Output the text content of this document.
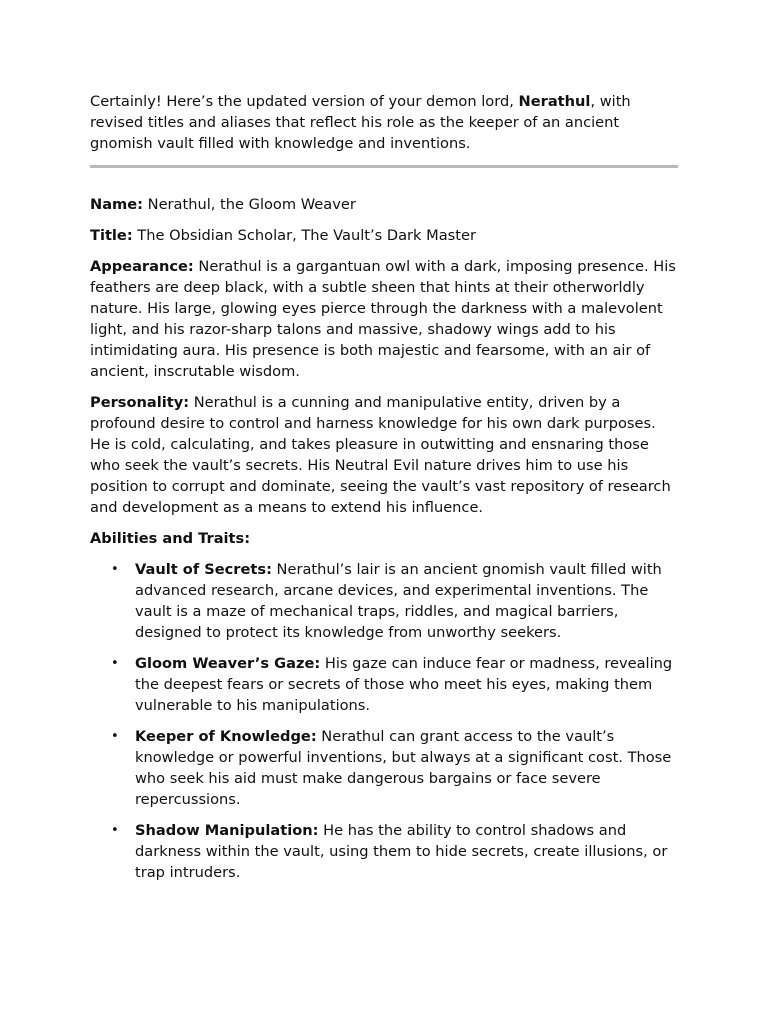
Certainly! Here’s the updated version of your demon lord, Nerathul, with revised titles and aliases that reflect his role as the keeper of an ancient gnomish vault filled with knowledge and inventions.

Name: Nerathul, the Gloom Weaver

Title: The Obsidian Scholar, The Vault’s Dark Master

Appearance: Nerathul is a gargantuan owl with a dark, imposing presence. His feathers are deep black, with a subtle sheen that hints at their otherworldly nature. His large, glowing eyes pierce through the darkness with a malevolent light, and his razor-sharp talons and massive, shadowy wings add to his intimidating aura. His presence is both majestic and fearsome, with an air of ancient, inscrutable wisdom.

Personality: Nerathul is a cunning and manipulative entity, driven by a profound desire to control and harness knowledge for his own dark purposes. He is cold, calculating, and takes pleasure in outwitting and ensnaring those who seek the vault’s secrets. His Neutral Evil nature drives him to use his position to corrupt and dominate, seeing the vault’s vast repository of research and development as a means to extend his influence.

Abilities and Traits:

• Vault of Secrets: Nerathul’s lair is an ancient gnomish vault filled with advanced research, arcane devices, and experimental inventions. The vault is a maze of mechanical traps, riddles, and magical barriers, designed to protect its knowledge from unworthy seekers.
• Gloom Weaver’s Gaze: His gaze can induce fear or madness, revealing the deepest fears or secrets of those who meet his eyes, making them vulnerable to his manipulations.
• Keeper of Knowledge: Nerathul can grant access to the vault’s knowledge or powerful inventions, but always at a significant cost. Those who seek his aid must make dangerous bargains or face severe repercussions.
• Shadow Manipulation: He has the ability to control shadows and darkness within the vault, using them to hide secrets, create illusions, or trap intruders.
